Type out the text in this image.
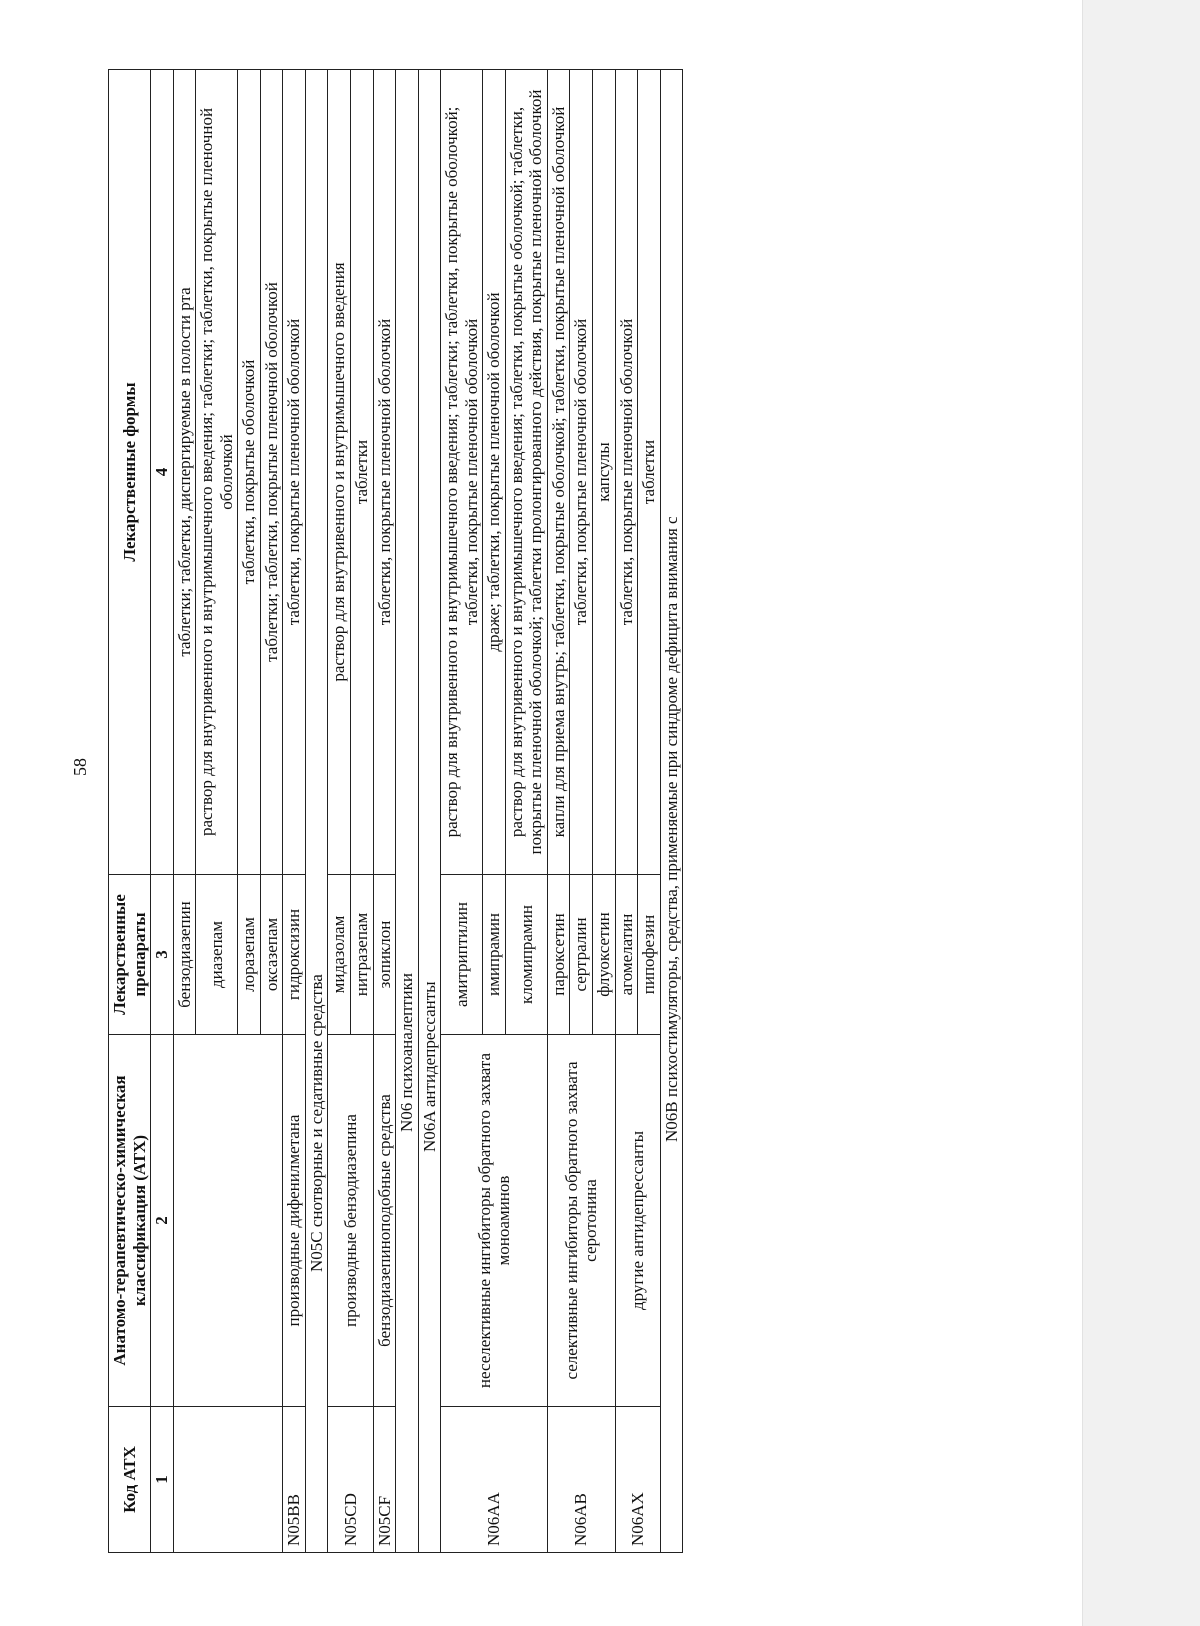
58
Код АТХ	Анатомо-терапевтическо-химическая классификация (АТХ)	Лекарственные препараты	Лекарственные формы
1	2	3	4
		бензодиазепин	таблетки; таблетки, диспергируемые в полости рта
		диазепам	раствор для внутривенного и внутримышечного введения; таблетки; таблетки, покрытые пленочной оболочкой
		лоразепам	таблетки, покрытые оболочкой
		оксазепам	таблетки; таблетки, покрытые пленочной оболочкой
N05BB	производные дифенилметана	гидроксизин	таблетки, покрытые пленочной оболочкой
N05C снотворные и седативные средства			
N05CD	производные бензодиазепина	мидазолам	раствор для внутривенного и внутримышечного введения
		нитразепам	таблетки
N05CF	бензодиазепиноподобные средства	зопиклон	таблетки, покрытые пленочной оболочкой
N06 психоаналептики			
N06A антидепрессанты			
N06AA	неселективные ингибиторы обратного захвата моноаминов	амитриптилин	раствор для внутривенного и внутримышечного введения; таблетки; таблетки, покрытые оболочкой; таблетки, покрытые пленочной оболочкой
		имипрамин	драже; таблетки, покрытые пленочной оболочкой
		кломипрамин	раствор для внутривенного и внутримышечного введения; таблетки, покрытые оболочкой; таблетки, покрытые пленочной оболочкой; таблетки пролонгированного действия, покрытые пленочной оболочкой
N06AB	селективные ингибиторы обратного захвата серотонина	пароксетин	капли для приема внутрь; таблетки, покрытые оболочкой; таблетки, покрытые пленочной оболочкой
		сертралин	таблетки, покрытые пленочной оболочкой
		флуоксетин	капсулы
N06AX	другие антидепрессанты	агомелатин	таблетки, покрытые пленочной оболочкой
		пипофезин	таблетки
N06B психостимуляторы, средства, применяемые при синдроме дефицита внимания с			
